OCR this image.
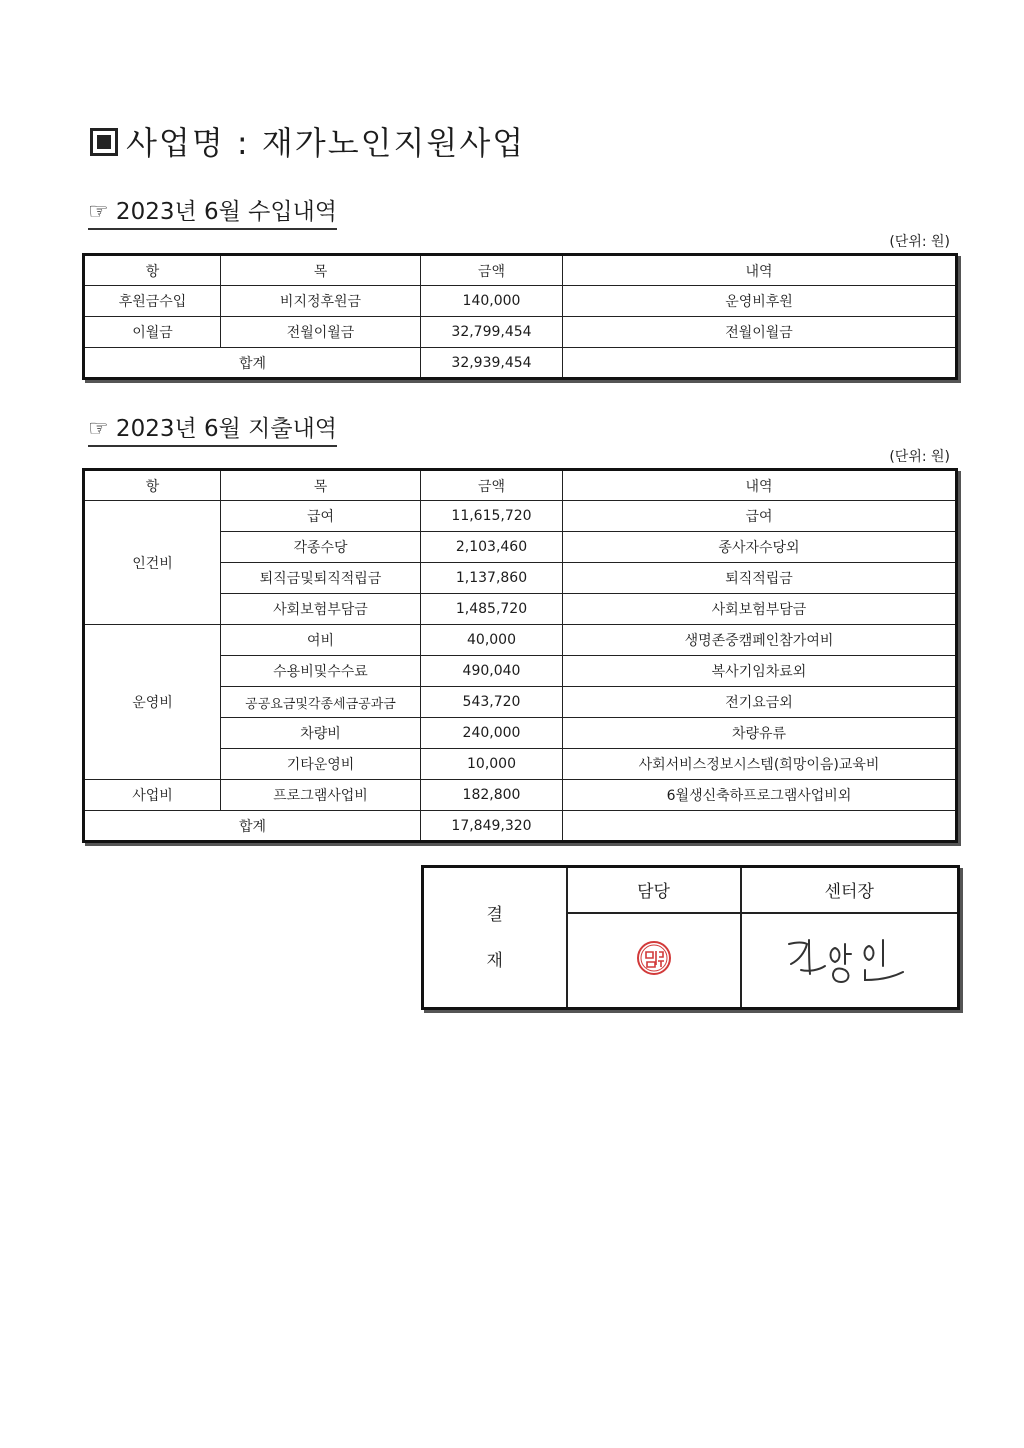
사업명 : 재가노인지원사업
☞ 2023년 6월 수입내역
(단위: 원)
항	목	금액	내역
후원금수입	비지정후원금	140,000	운영비후원
이월금	전월이월금	32,799,454	전월이월금
합계		32,939,454	
☞ 2023년 6월 지출내역
(단위: 원)
항	목	금액	내역
인건비	급여	11,615,720	급여
	각종수당	2,103,460	종사자수당외
	퇴직금및퇴직적립금	1,137,860	퇴직적립금
	사회보험부담금	1,485,720	사회보험부담금
운영비	여비	40,000	생명존중캠페인참가여비
	수용비및수수료	490,040	복사기임차료외
	공공요금및각종세금공과금	543,720	전기요금외
	차량비	240,000	차량유류
	기타운영비	10,000	사회서비스정보시스템(희망이음)교육비
사업비	프로그램사업비	182,800	6월생신축하프로그램사업비외
합계		17,849,320	
결
재	담당	센터장
